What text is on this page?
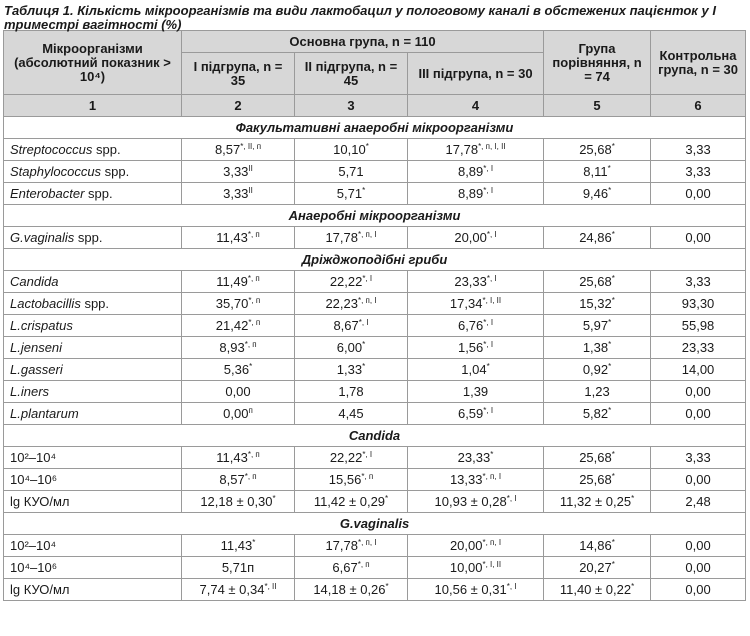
Таблиця 1. Кількість мікроорганізмів та види лактобацил у пологовому каналі в обстежених пацієнток у I триместрі вагітності (%)
Мікроорганізми (абсолютний показник > 10⁴)	Основна група, n = 110			Група порівняння, n = 74	Контрольна група, n = 30
	I підгрупа, n = 35	II підгрупа, n = 45	III підгрупа, n = 30		
1	2	3	4	5	6
Факультативні анаеробні мікроорганізми					
Streptococcus spp.	$8,57^{*, II, п}$	10,10*	$17,78^{*, п, I, II}$	25,68*	3,33
Staphylococcus spp.	$3,33^{II}$	5,71	$8,89^{*, I}$	8,11*	3,33
Enterobacter spp.	$3,33^{II}$	5,71*	$8,89^{*, I}$	9,46*	0,00
Анаеробні мікроорганізми					
G.vaginalis spp.	$11,43^{*, п}$	$17,78^{*, п, I}$	$20,00^{*, I}$	24,86*	0,00
Дріжджоподібні гриби					
Candida	$11,49^{*, п}$	$22,22^{*, I}$	$23,33^{*, I}$	25,68*	3,33
Lactobacillis spp.	$35,70^{*, п}$	$22,23^{*, п, I}$	$17,34^{*, I, II}$	15,32*	93,30
L.crispatus	$21,42^{*, п}$	$8,67^{*, I}$	$6,76^{*, I}$	5,97*	55,98
L.jenseni	$8,93^{*, п}$	6,00*	$1,56^{*, I}$	1,38*	23,33
L.gasseri	5,36*	1,33*	1,04*	0,92*	14,00
L.iners	0,00	1,78	1,39	1,23	0,00
L.plantarum	$0,00^п$	4,45	$6,59^{*, I}$	5,82*	0,00
Candida					
10²–10⁴	$11,43^{*, п}$	$22,22^{*, I}$	23,33*	25,68*	3,33
10⁴–10⁶	$8,57^{*, п}$	$15,56^{*, п}$	$13,33^{*, п, I}$	25,68*	0,00
lg КУО/мл	12,18 ± 0,30*	11,42 ± 0,29*	$10,93 \pm 0,28^{*, I}$	11,32 ± 0,25*	2,48
G.vaginalis					
10²–10⁴	11,43*	$17,78^{*, п, I}$	$20,00^{*, п, I}$	14,86*	0,00
10⁴–10⁶	5,71п	$6,67^{*, п}$	$10,00^{*, I, II}$	20,27*	0,00
lg КУО/мл	$7,74 \pm 0,34^{*, II}$	14,18 ± 0,26*	$10,56 \pm 0,31^{*, I}$	11,40 ± 0,22*	0,00
